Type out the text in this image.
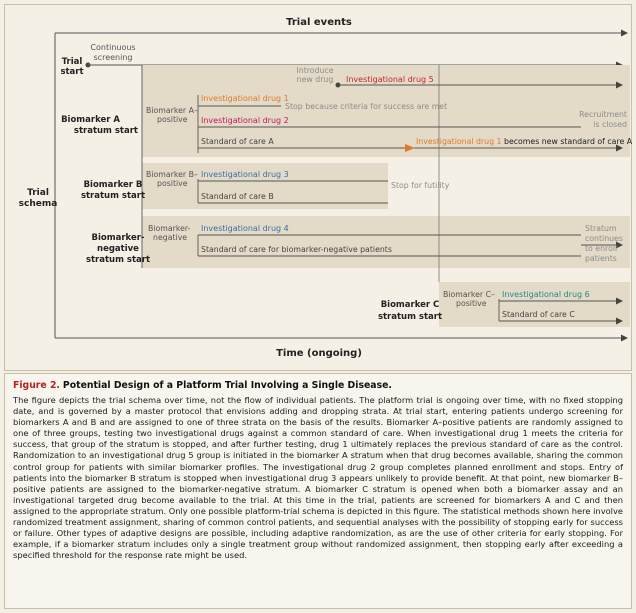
Trial events
Time (ongoing)
Trial
schema
Trial
start
Continuous
screening
Biomarker A
stratum start
Biomarker A–
positive
Introduce
new drug Investigational drug 5
Investigational drug 1
Stop because criteria for success are met
Investigational drug 2
Recruitment
is closed
Standard of care A	Investigational drug 1 becomes new standard of care A
Biomarker B
stratum start
Biomarker B–
positive
Investigational drug 3
Standard of care B
Stop for futility
Biomarker-
negative
stratum start
Biomarker-
negative
Investigational drug 4
Standard of care for biomarker-negative patients
Stratum
continues
to enroll
patients
Biomarker C
stratum start
Biomarker C–
positive
Investigational drug 6
Standard of care C

Figure 2. Potential Design of a Platform Trial Involving a Single Disease.

The figure depicts the trial schema over time, not the flow of individual patients. The platform trial is ongoing over time, with no fixed stopping date, and is governed by a master protocol that envisions adding and dropping strata. At trial start, entering patients undergo screening for biomarkers A and B and are assigned to one of three strata on the basis of the results. Biomarker A–positive patients are randomly assigned to one of three groups, testing two investigational drugs against a common standard of care. When investigational drug 1 meets the criteria for success, that group of the stratum is stopped, and after further testing, drug 1 ultimately replaces the previous standard of care as the control. Randomization to an investigational drug 5 group is initiated in the biomarker A stratum when that drug becomes available, sharing the common control group for patients with similar biomarker profiles. The investigational drug 2 group completes planned enrollment and stops. Entry of patients into the biomarker B stratum is stopped when investigational drug 3 appears unlikely to provide benefit. At that point, new biomarker B–positive patients are assigned to the biomarker-negative stratum. A biomarker C stratum is opened when both a biomarker assay and an investigational targeted drug become available to the trial. At this time in the trial, patients are screened for biomarkers A and C and then assigned to the appropriate stratum. Only one possible platform-trial schema is depicted in this figure. The statistical methods shown here involve randomized treatment assignment, sharing of common control patients, and sequential analyses with the possibility of stopping early for success or failure. Other types of adaptive designs are possible, including adaptive randomization, as are the use of other criteria for early stopping. For example, if a biomarker stratum includes only a single treatment group without randomized assignment, then stopping early after exceeding a specified threshold for the response rate might be used.
